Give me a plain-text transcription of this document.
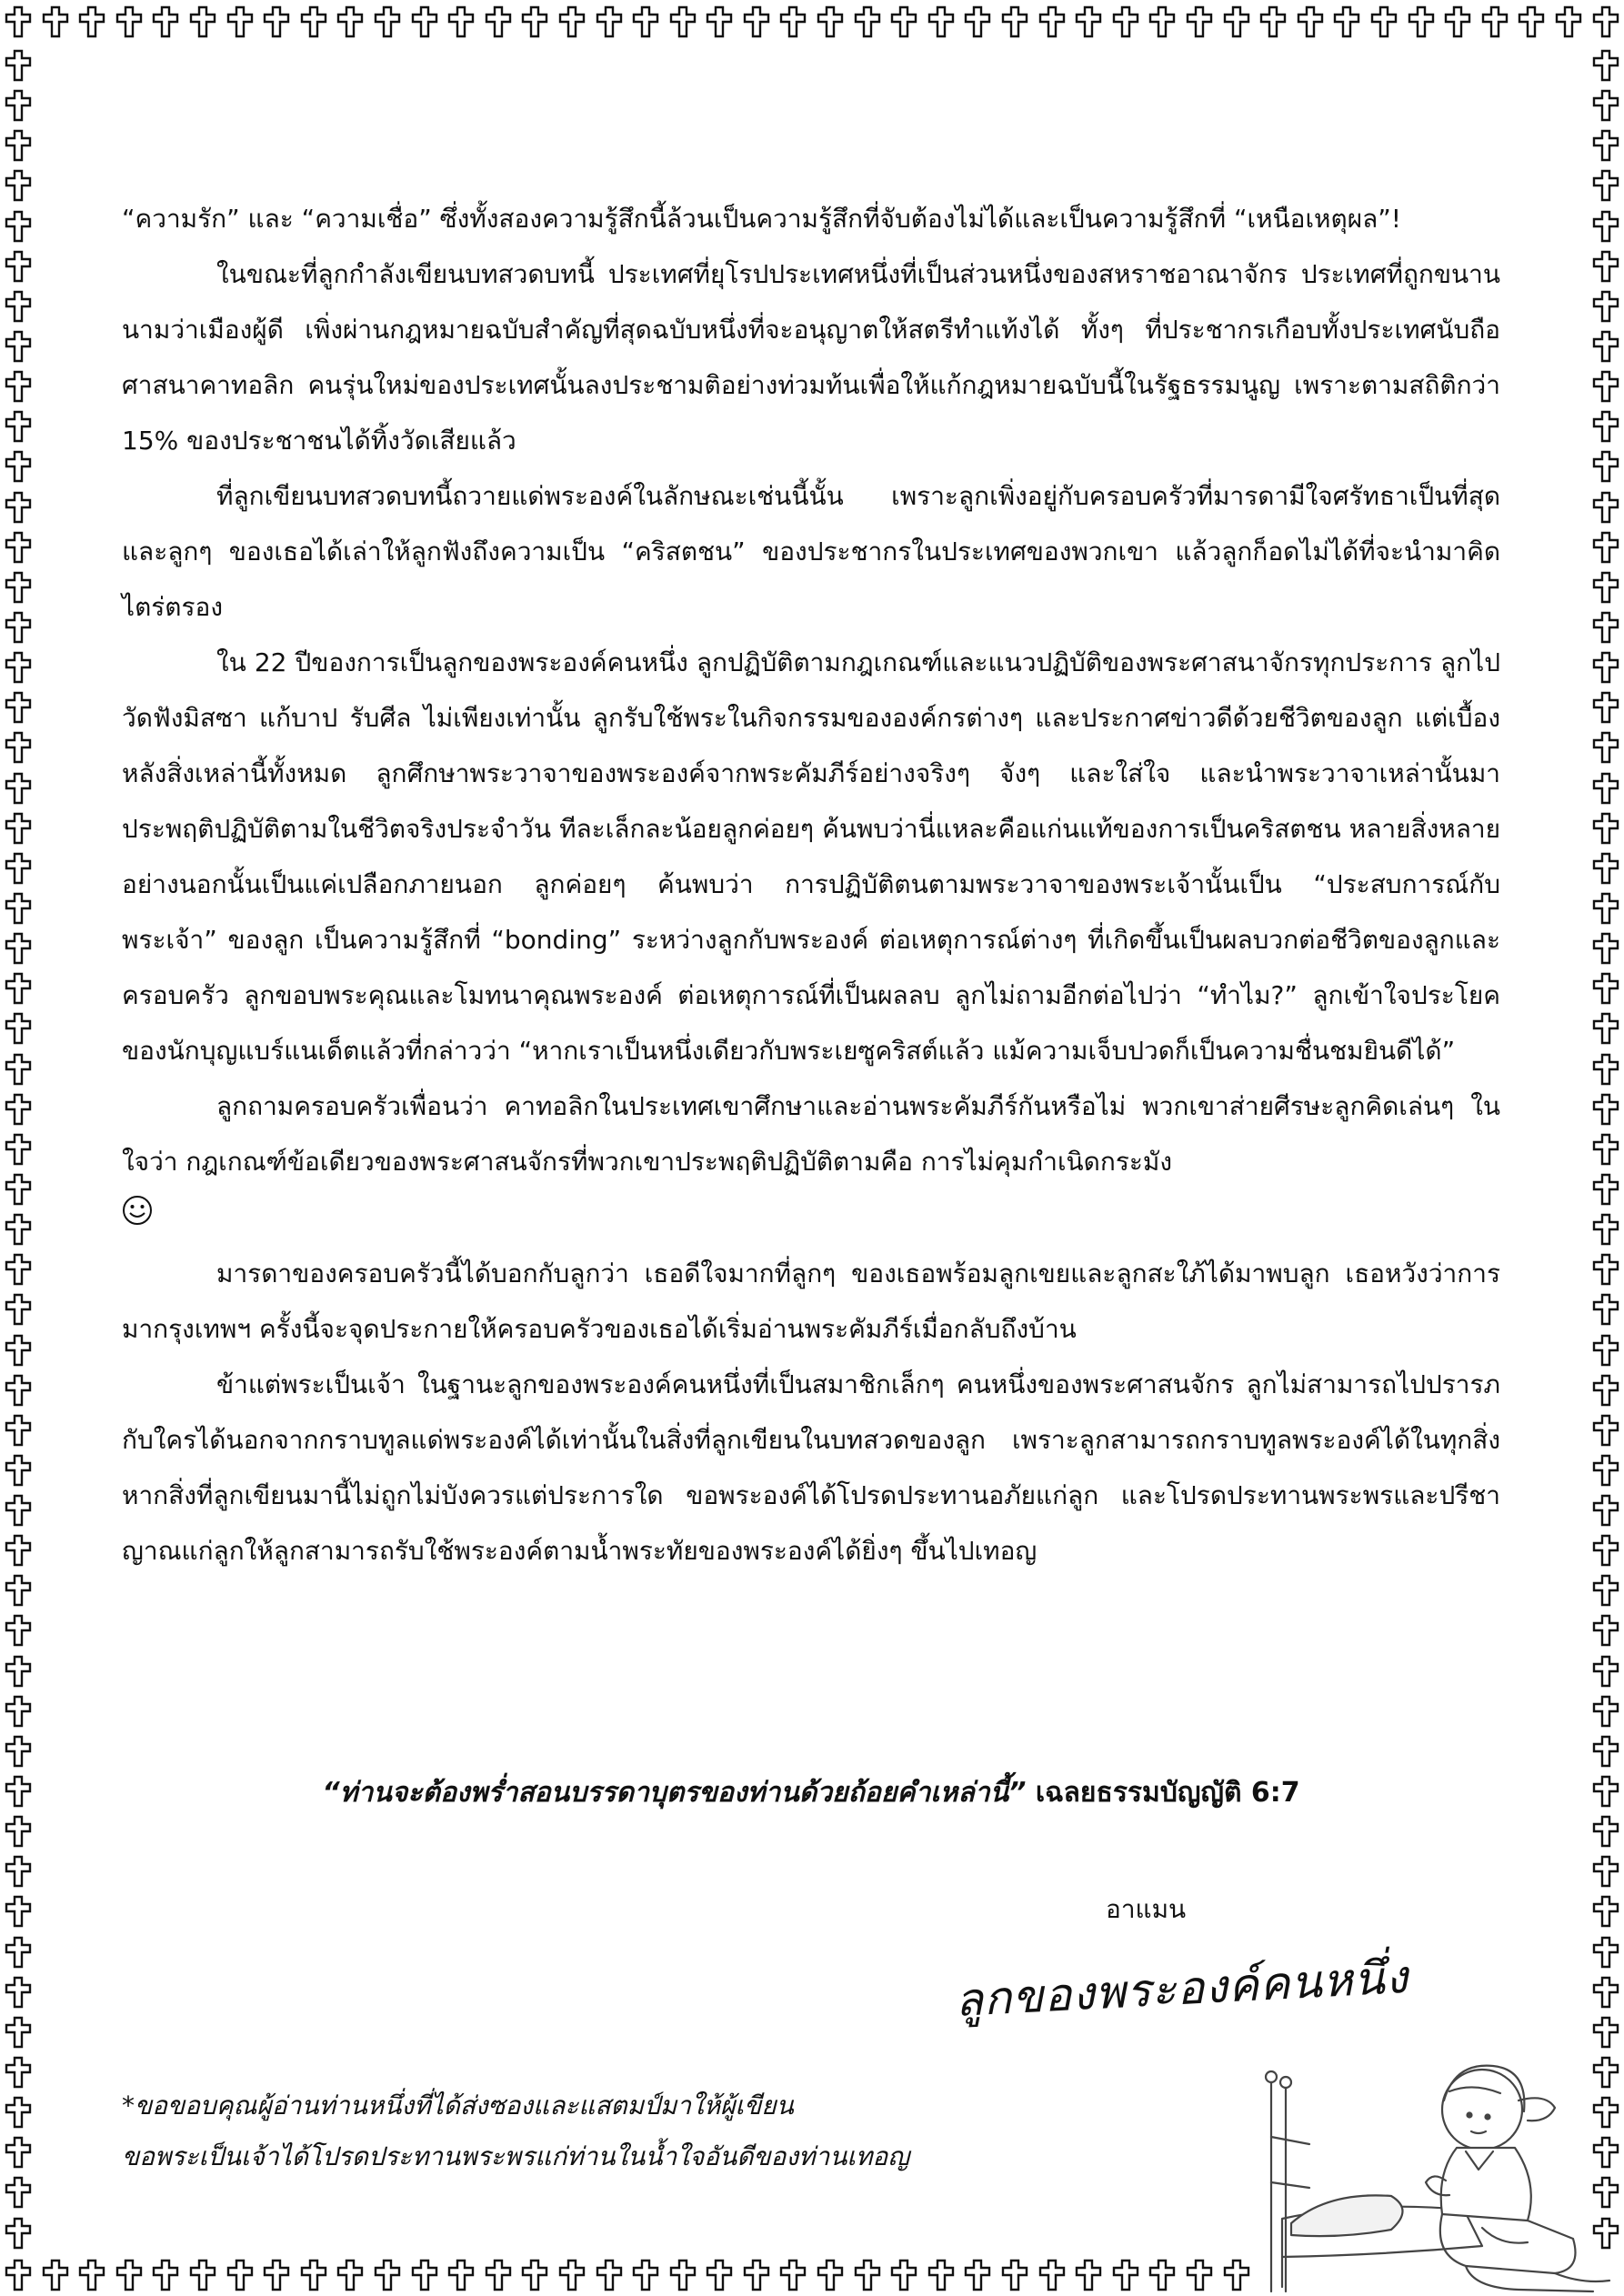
“ความรัก” และ “ความเชื่อ” ซึ่งทั้งสองความรู้สึกนี้ล้วนเป็นความรู้สึกที่จับต้องไม่ได้และเป็นความรู้สึกที่ “เหนือเหตุผล”!

ในขณะที่ลูกกำลังเขียนบทสวดบทนี้ ประเทศที่ยุโรปประเทศหนึ่งที่เป็นส่วนหนึ่งของสหราชอาณาจักร ประเทศที่ถูกขนานนามว่าเมืองผู้ดี เพิ่งผ่านกฎหมายฉบับสำคัญที่สุดฉบับหนึ่งที่จะอนุญาตให้สตรีทำแท้งได้ ทั้งๆ ที่ประชากรเกือบทั้งประเทศนับถือศาสนาคาทอลิก คนรุ่นใหม่ของประเทศนั้นลงประชามติอย่างท่วมท้นเพื่อให้แก้กฎหมายฉบับนี้ในรัฐธรรมนูญ เพราะตามสถิติกว่า 15% ของประชาชนได้ทิ้งวัดเสียแล้ว

ที่ลูกเขียนบทสวดบทนี้ถวายแด่พระองค์ในลักษณะเช่นนี้นั้น เพราะลูกเพิ่งอยู่กับครอบครัวที่มารดามีใจศรัทธาเป็นที่สุด และลูกๆ ของเธอได้เล่าให้ลูกฟังถึงความเป็น “คริสตชน” ของประชากรในประเทศของพวกเขา แล้วลูกก็อดไม่ได้ที่จะนำมาคิดไตร่ตรอง

ใน 22 ปีของการเป็นลูกของพระองค์คนหนึ่ง ลูกปฏิบัติตามกฎเกณฑ์และแนวปฏิบัติของพระศาสนาจักรทุกประการ ลูกไปวัดฟังมิสซา แก้บาป รับศีล ไม่เพียงเท่านั้น ลูกรับใช้พระในกิจกรรมขององค์กรต่างๆ และประกาศข่าวดีด้วยชีวิตของลูก แต่เบื้องหลังสิ่งเหล่านี้ทั้งหมด ลูกศึกษาพระวาจาของพระองค์จากพระคัมภีร์อย่างจริงๆ จังๆ และใส่ใจ และนำพระวาจาเหล่านั้นมาประพฤติปฏิบัติตามในชีวิตจริงประจำวัน ทีละเล็กละน้อยลูกค่อยๆ ค้นพบว่านี่แหละคือแก่นแท้ของการเป็นคริสตชน หลายสิ่งหลายอย่างนอกนั้นเป็นแค่เปลือกภายนอก ลูกค่อยๆ ค้นพบว่า การปฏิบัติตนตามพระวาจาของพระเจ้านั้นเป็น “ประสบการณ์กับพระเจ้า” ของลูก เป็นความรู้สึกที่ “bonding” ระหว่างลูกกับพระองค์ ต่อเหตุการณ์ต่างๆ ที่เกิดขึ้นเป็นผลบวกต่อชีวิตของลูกและครอบครัว ลูกขอบพระคุณและโมทนาคุณพระองค์ ต่อเหตุการณ์ที่เป็นผลลบ ลูกไม่ถามอีกต่อไปว่า “ทำไม?” ลูกเข้าใจประโยคของนักบุญแบร์แนเด็ตแล้วที่กล่าวว่า “หากเราเป็นหนึ่งเดียวกับพระเยซูคริสต์แล้ว แม้ความเจ็บปวดก็เป็นความชื่นชมยินดีได้”

ลูกถามครอบครัวเพื่อนว่า คาทอลิกในประเทศเขาศึกษาและอ่านพระคัมภีร์กันหรือไม่ พวกเขาส่ายศีรษะลูกคิดเล่นๆ ในใจว่า กฎเกณฑ์ข้อเดียวของพระศาสนจักรที่พวกเขาประพฤติปฏิบัติตามคือ การไม่คุมกำเนิดกระมัง

มารดาของครอบครัวนี้ได้บอกกับลูกว่า เธอดีใจมากที่ลูกๆ ของเธอพร้อมลูกเขยและลูกสะใภ้ได้มาพบลูก เธอหวังว่าการมากรุงเทพฯ ครั้งนี้จะจุดประกายให้ครอบครัวของเธอได้เริ่มอ่านพระคัมภีร์เมื่อกลับถึงบ้าน

ข้าแต่พระเป็นเจ้า ในฐานะลูกของพระองค์คนหนึ่งที่เป็นสมาชิกเล็กๆ คนหนึ่งของพระศาสนจักร ลูกไม่สามารถไปปรารภกับใครได้นอกจากกราบทูลแด่พระองค์ได้เท่านั้นในสิ่งที่ลูกเขียนในบทสวดของลูก เพราะลูกสามารถกราบทูลพระองค์ได้ในทุกสิ่ง หากสิ่งที่ลูกเขียนมานี้ไม่ถูกไม่บังควรแต่ประการใด ขอพระองค์ได้โปรดประทานอภัยแก่ลูก และโปรดประทานพระพรและปรีชาญาณแก่ลูกให้ลูกสามารถรับใช้พระองค์ตามน้ำพระทัยของพระองค์ได้ยิ่งๆ ขึ้นไปเทอญ

“ท่านจะต้องพร่ำสอนบรรดาบุตรของท่านด้วยถ้อยคำเหล่านี้” เฉลยธรรมบัญญัติ 6:7
อาแมน
ลูกของพระองค์คนหนึ่ง

*ขอขอบคุณผู้อ่านท่านหนึ่งที่ได้ส่งซองและแสตมป์มาให้ผู้เขียน

ขอพระเป็นเจ้าได้โปรดประทานพระพรแก่ท่านในน้ำใจอันดีของท่านเทอญ
